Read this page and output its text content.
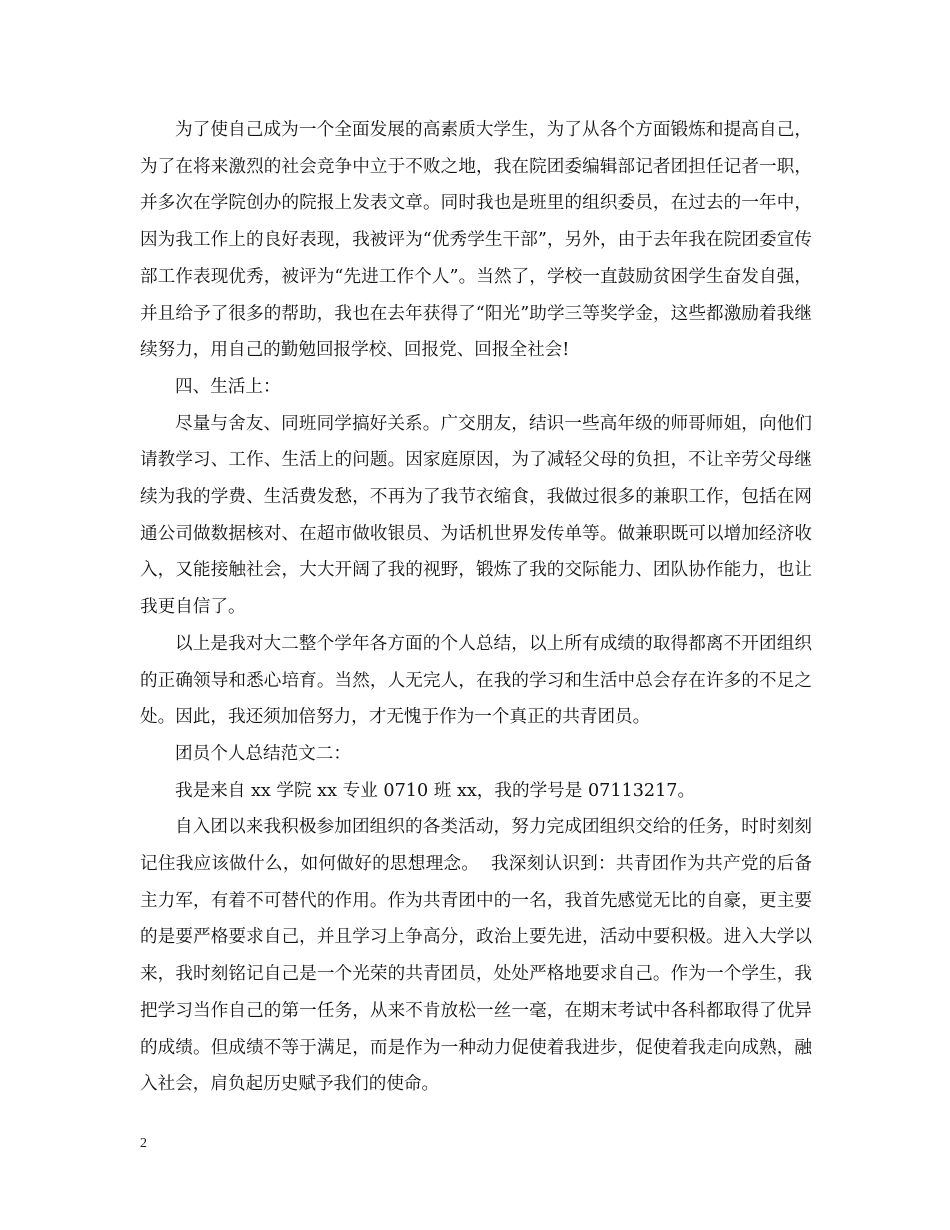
为了使自己成为一个全面发展的高素质大学生，为了从各个方面锻炼和提高自己，为了在将来激烈的社会竞争中立于不败之地，我在院团委编辑部记者团担任记者一职，并多次在学院创办的院报上发表文章。同时我也是班里的组织委员，在过去的一年中，因为我工作上的良好表现，我被评为“优秀学生干部”，另外，由于去年我在院团委宣传部工作表现优秀，被评为“先进工作个人”。当然了，学校一直鼓励贫困学生奋发自强，并且给予了很多的帮助，我也在去年获得了“阳光”助学三等奖学金，这些都激励着我继续努力，用自己的勤勉回报学校、回报党、回报全社会!

四、生活上：

尽量与舍友、同班同学搞好关系。广交朋友，结识一些高年级的师哥师姐，向他们请教学习、工作、生活上的问题。因家庭原因，为了减轻父母的负担，不让辛劳父母继续为我的学费、生活费发愁，不再为了我节衣缩食，我做过很多的兼职工作，包括在网通公司做数据核对、在超市做收银员、为话机世界发传单等。做兼职既可以增加经济收入，又能接触社会，大大开阔了我的视野，锻炼了我的交际能力、团队协作能力，也让我更自信了。

以上是我对大二整个学年各方面的个人总结，以上所有成绩的取得都离不开团组织的正确领导和悉心培育。当然，人无完人，在我的学习和生活中总会存在许多的不足之处。因此，我还须加倍努力，才无愧于作为一个真正的共青团员。

团员个人总结范文二：

我是来自 xx 学院 xx 专业 0710 班 xx，我的学号是 07113217。

自入团以来我积极参加团组织的各类活动，努力完成团组织交给的任务，时时刻刻记住我应该做什么，如何做好的思想理念。  我深刻认识到：共青团作为共产党的后备主力军，有着不可替代的作用。作为共青团中的一名，我首先感觉无比的自豪，更主要的是要严格要求自己，并且学习上争高分，政治上要先进，活动中要积极。进入大学以来，我时刻铭记自己是一个光荣的共青团员，处处严格地要求自己。作为一个学生，我把学习当作自己的第一任务，从来不肯放松一丝一毫，在期末考试中各科都取得了优异的成绩。但成绩不等于满足，而是作为一种动力促使着我进步，促使着我走向成熟，融入社会，肩负起历史赋予我们的使命。

2
